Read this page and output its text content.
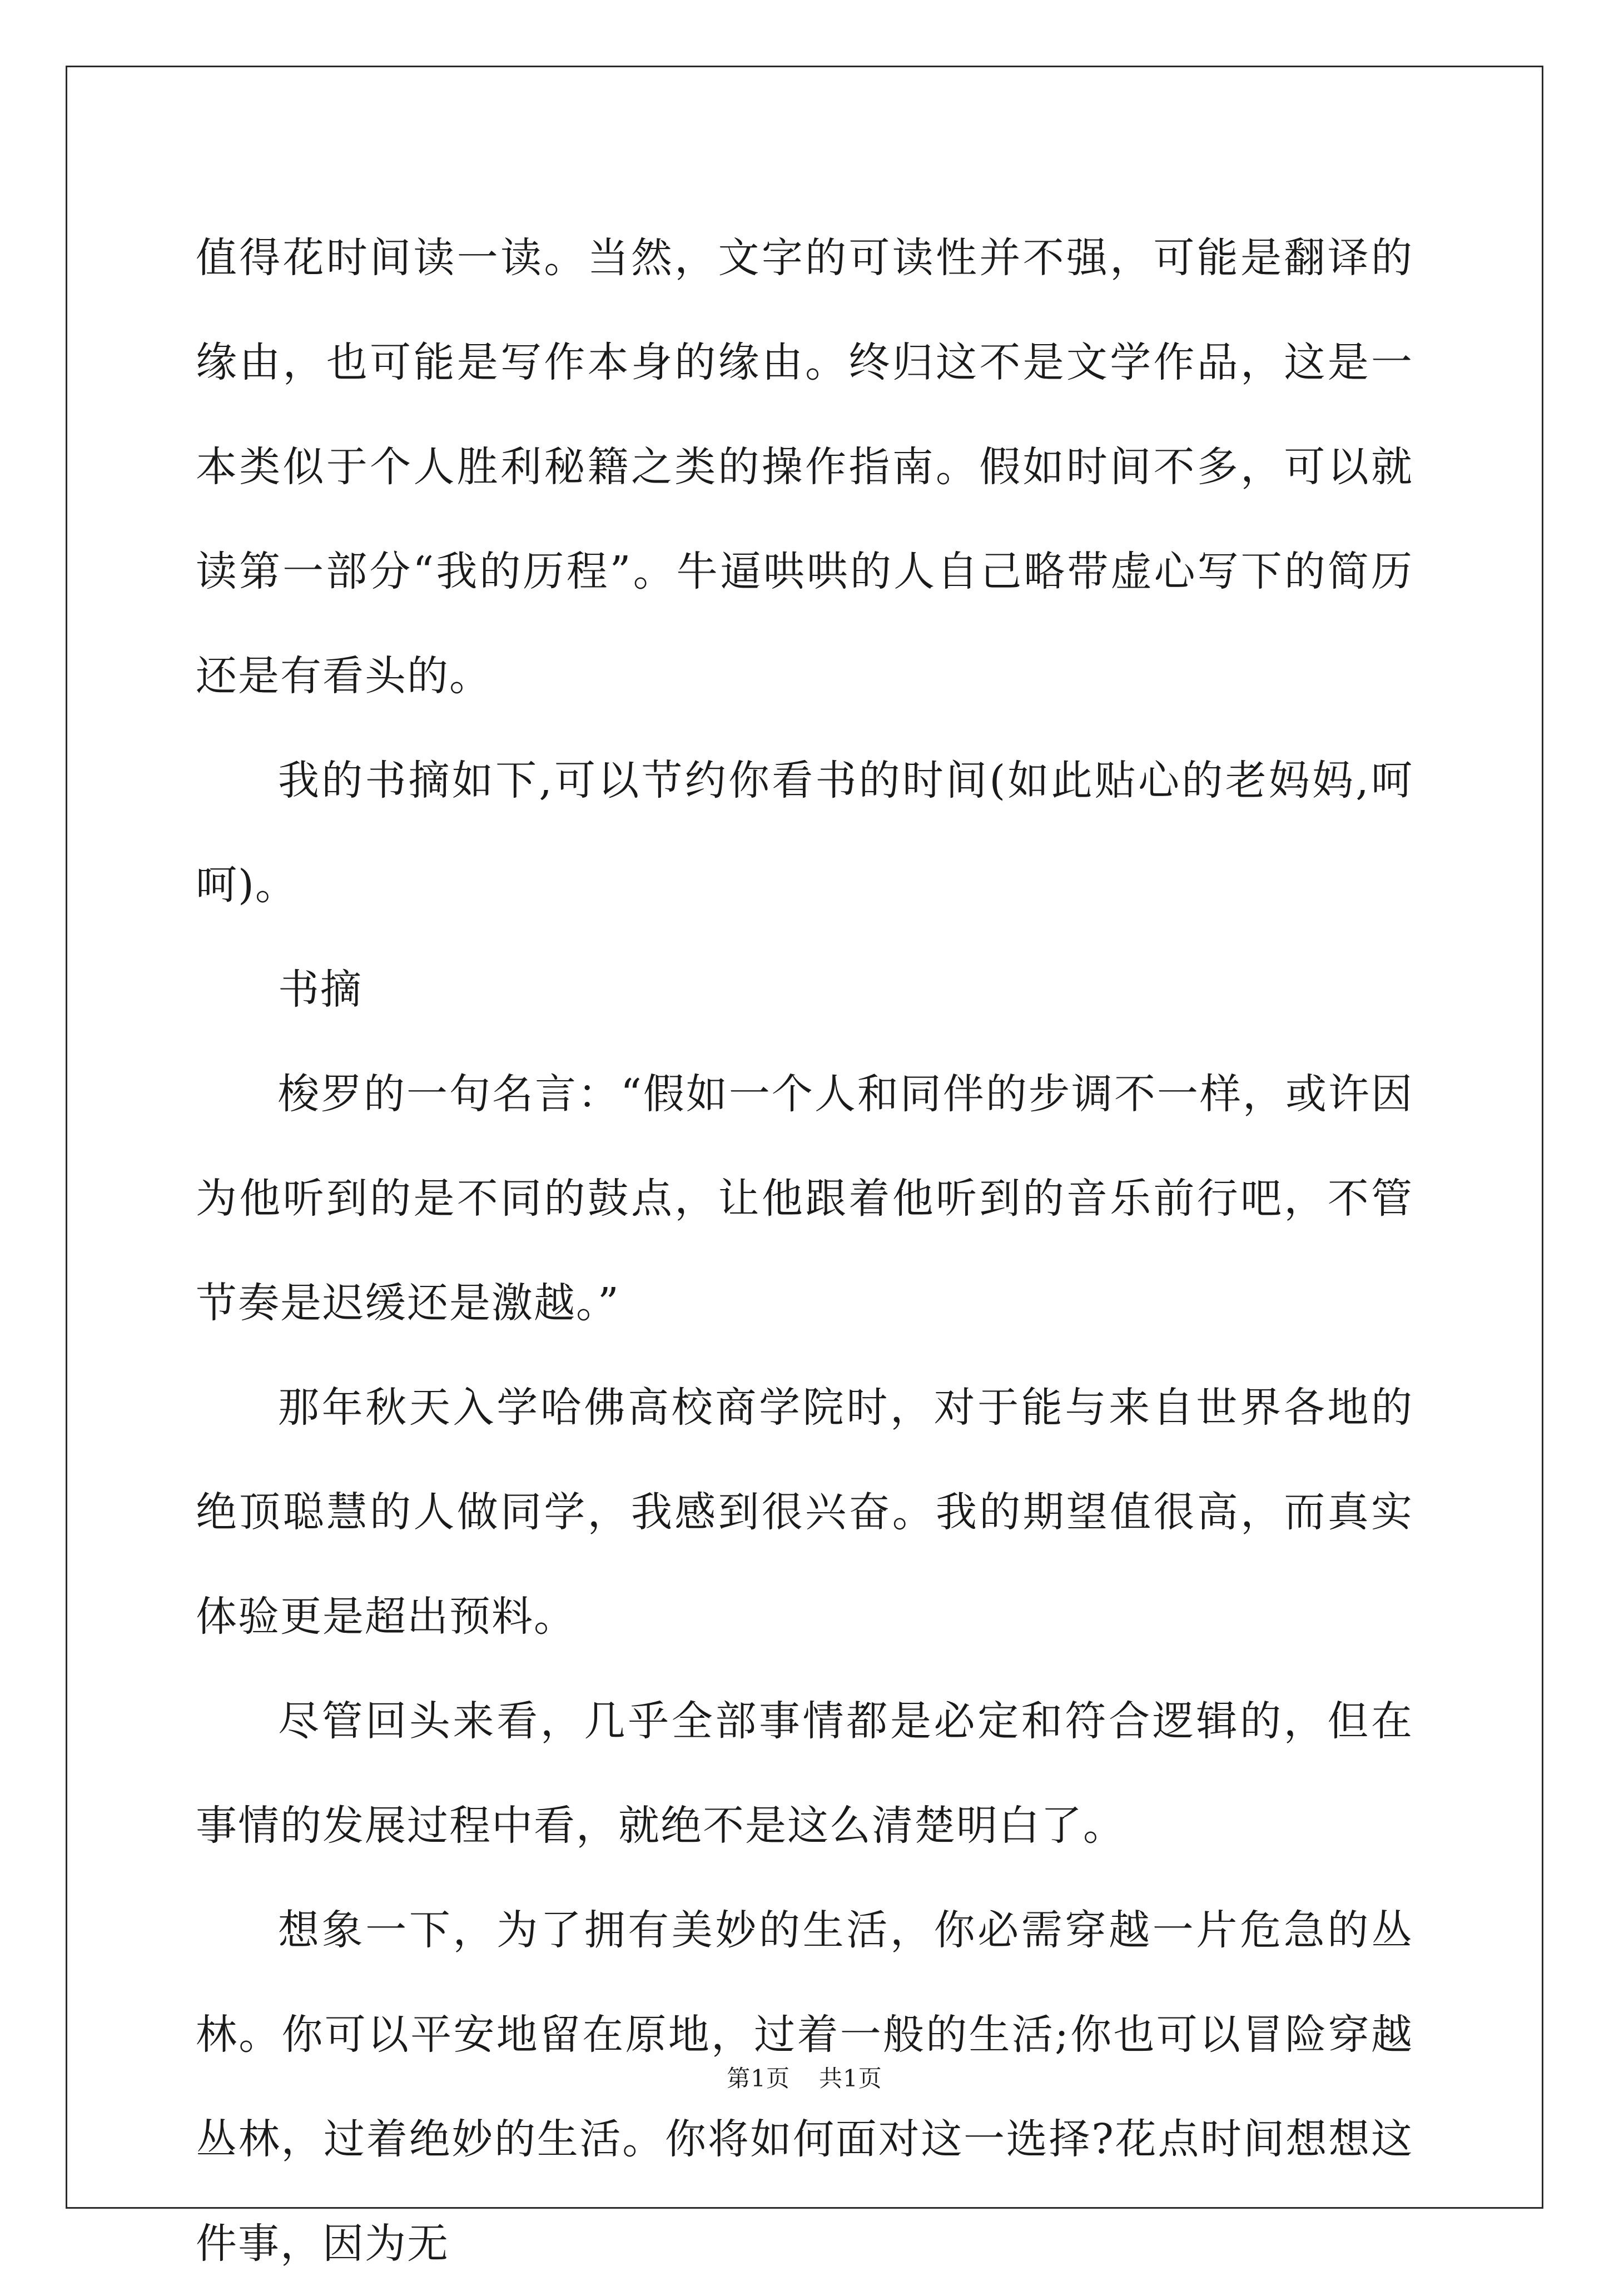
值得花时间读一读。当然，文字的可读性并不强，可能是翻译的缘由，也可能是写作本身的缘由。终归这不是文学作品，这是一本类似于个人胜利秘籍之类的操作指南。假如时间不多，可以就读第一部分“我的历程”。牛逼哄哄的人自己略带虚心写下的简历还是有看头的。

我的书摘如下,可以节约你看书的时间(如此贴心的老妈妈,呵呵)。

书摘

梭罗的一句名言：“假如一个人和同伴的步调不一样，或许因为他听到的是不同的鼓点，让他跟着他听到的音乐前行吧，不管节奏是迟缓还是激越。”

那年秋天入学哈佛高校商学院时，对于能与来自世界各地的绝顶聪慧的人做同学，我感到很兴奋。我的期望值很高，而真实体验更是超出预料。

尽管回头来看，几乎全部事情都是必定和符合逻辑的，但在事情的发展过程中看，就绝不是这么清楚明白了。

想象一下，为了拥有美妙的生活，你必需穿越一片危急的丛林。你可以平安地留在原地，过着一般的生活;你也可以冒险穿越丛林，过着绝妙的生活。你将如何面对这一选择?花点时间想想这件事，因为无

第1页 共1页
